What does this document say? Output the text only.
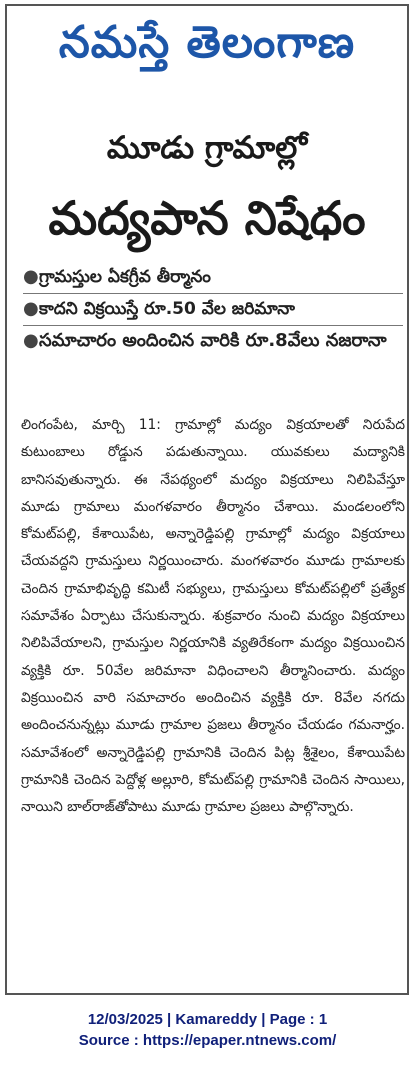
నమస్తే తెలంగాణ
మూడు గ్రామాల్లో
మద్యపాన నిషేధం
● గ్రామస్తుల ఏకగ్రీవ తీర్మానం
● కాదని విక్రయిస్తే రూ.50 వేల జరిమానా
● సమాచారం అందించిన వారికి రూ.8వేలు నజరానా

లింగంపేట, మార్చి 11: గ్రామాల్లో మద్యం విక్రయాలతో నిరుపేద కుటుంబాలు రోడ్డున పడుతున్నాయి. యువకులు మద్యానికి బానిసవుతున్నారు. ఈ నేపథ్యంలో మద్యం విక్రయాలు నిలిపివేస్తూ మూడు గ్రామాలు మంగళవారం తీర్మానం చేశాయి. మండలంలోని కోమట్‌పల్లి, కేశాయిపేట, అన్నారెడ్డిపల్లి గ్రామాల్లో మద్యం విక్రయాలు చేయవద్దని గ్రామస్తులు నిర్ణయించారు. మంగళవారం మూడు గ్రామాలకు చెందిన గ్రామాభివృద్ధి కమిటీ సభ్యులు, గ్రామస్తులు కోమట్‌పల్లిలో ప్రత్యేక సమావేశం ఏర్పాటు చేసుకున్నారు. శుక్రవారం నుంచి మద్యం విక్రయాలు నిలిపివేయాలని, గ్రామస్తుల నిర్ణయానికి వ్యతిరేకంగా మద్యం విక్రయించిన వ్యక్తికి రూ. 50వేల జరిమానా విధించాలని తీర్మానించారు. మద్యం విక్రయించిన వారి సమాచారం అందించిన వ్యక్తికి రూ. 8వేల నగదు అందించనున్నట్లు మూడు గ్రామాల ప్రజలు తీర్మానం చేయడం గమనార్హం. సమావేశంలో అన్నారెడ్డిపల్లి గ్రామానికి చెందిన పిట్ల శ్రీశైలం, కేశాయిపేట గ్రామానికి చెందిన పెద్దోళ్ల అల్లూరి, కోమట్‌పల్లి గ్రామానికి చెందిన సాయిలు, నాయిని బాల్‌రాజ్‌తోపాటు మూడు గ్రామాల ప్రజలు పాల్గొన్నారు.

12/03/2025 | Kamareddy | Page : 1
Source : https://epaper.ntnews.com/
